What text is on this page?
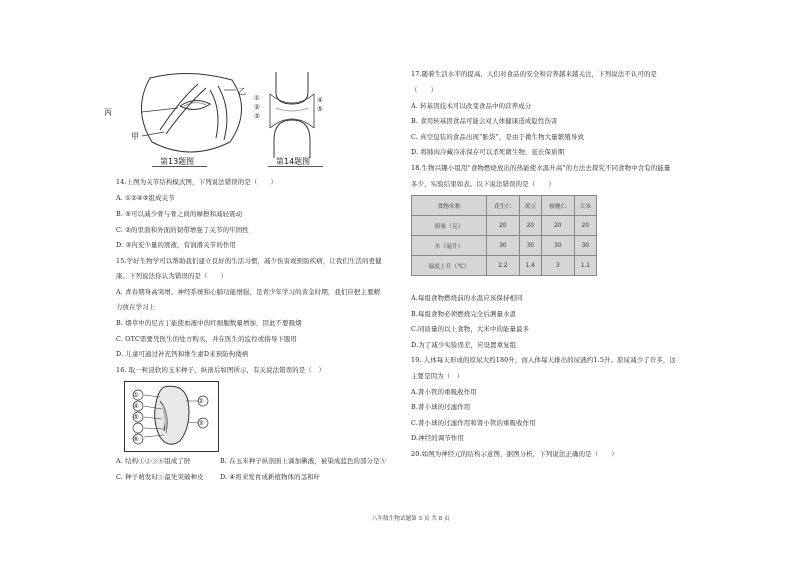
丙
乙
甲
第13题图
①
②
③
④
⑤
第14题图
14.上图为关节结构模式图，下列说法错误的是（　　）
A. ①②④⑤组成关节
B. ⑤可以减少骨与骨之间的摩擦和减轻震动
C. ②的里面和外面的韧带增强了关节的牢固性
D. ③内充少量的滑液，有润滑关节的作用
15.学好生物学可以帮助我们建立良好的生活习惯，减少伤害或预防疾病，让我们生活的更健
康。下列说法你认为错误的是（　　）
A. 青春期身高突增、神经系统和心肺功能增强，是青少年学习的黄金时期，我们应把主要精
力放在学习上
B. 烟草中的尼古丁能使血液中的红细胞数量增加，因此不要吸烟
C. OTC需要凭医生的处方购买，并在医生的监控或指导下服用
D. 儿童可通过补充钙和维生素D来预防佝偻病
16. 取一粒浸软的玉米种子，纵剖后如图所示，有关说法错误的是（　）
①
②
④
⑤
③
⑥
A. 结构①②③⑥组成了胚	B. 在玉米种子纵剖面上滴加碘液，被染成蓝色的部分是⑤
C. 种子萌发时①最先突破种皮	D. ④将来发育成新植物体的茎和叶
17.随着生活水平的提高，人们对食品的安全和营养越来越关注，下列说法不认可的是
（　　）
A. 转基因技术可以改变食品中的营养成分
B. 食用转基因食品可能会对人体健康造成隐性伤害
C. 真空包装的食品出现“胀袋”，是由于微生物大量繁殖导致
D. 将肺肉冷藏冷冻保存可以杀死微生物，延长保质期
18.生物兴趣小组用“食物燃烧放出的热能使水温升高”的方法去探究不同食物中含有的能量
多少，实验结果如表。以下说法错误的是（　　）
食物名称	花生仁	黄豆	核桃仁	大米
质量（克）	20	20	20	20
水（毫升）	30	30	30	30
温度上升（℃）	2.2	1.4	3	1.1
A.每组食物燃烧前的水温应该保持相同
B.每组食物必须燃烧完全后测量水温
C.同质量的以上食物，大米中的能量最多
D.为了减少实验误差，应设置重复组
19. 人体每天形成的原尿大约180升，而人体每天排出的尿液约1.5升。原尿减少了许多，这
主要是因为（　）
A.肾小管的重吸收作用
B.肾小球的过滤作用
C.肾小球的过滤作用和肾小管的重吸收作用
D.神经的调节作用
20.如图为神经元的结构示意图，据图分析，下列说法正确的是（　　）
八年级生物试题第 3 页 共 8 页
